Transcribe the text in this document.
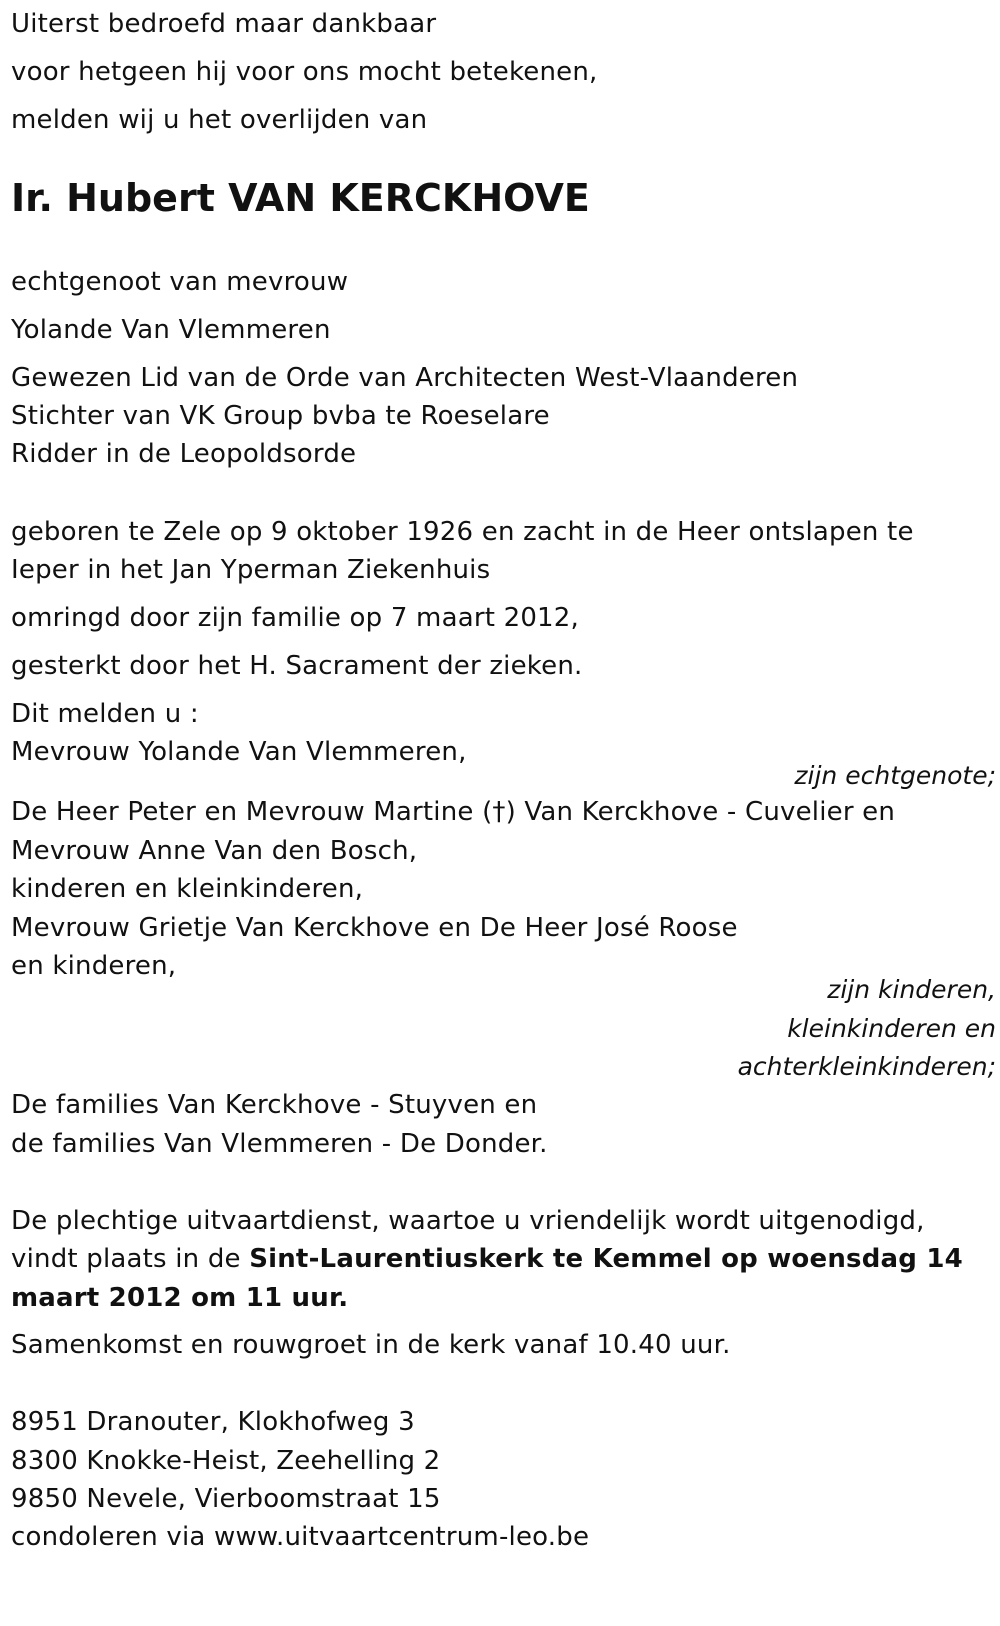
Uiterst bedroefd maar dankbaar
voor hetgeen hij voor ons mocht betekenen,
melden wij u het overlijden van
Ir. Hubert VAN KERCKHOVE
echtgenoot van mevrouw
Yolande Van Vlemmeren
Gewezen Lid van de Orde van Architecten West-Vlaanderen
Stichter van VK Group bvba te Roeselare
Ridder in de Leopoldsorde
geboren te Zele op 9 oktober 1926 en zacht in de Heer ontslapen te
Ieper in het Jan Yperman Ziekenhuis
omringd door zijn familie op 7 maart 2012,
gesterkt door het H. Sacrament der zieken.
Dit melden u :
Mevrouw Yolande Van Vlemmeren,
zijn echtgenote;
De Heer Peter en Mevrouw Martine (†) Van Kerckhove - Cuvelier en
Mevrouw Anne Van den Bosch,
kinderen en kleinkinderen,
Mevrouw Grietje Van Kerckhove en De Heer José Roose
en kinderen,
zijn kinderen,
kleinkinderen en
achterkleinkinderen;
De families Van Kerckhove - Stuyven en
de families Van Vlemmeren - De Donder.
De plechtige uitvaartdienst, waartoe u vriendelijk wordt uitgenodigd,
vindt plaats in de Sint-Laurentiuskerk te Kemmel op woensdag 14
maart 2012 om 11 uur.
Samenkomst en rouwgroet in de kerk vanaf 10.40 uur.
8951 Dranouter, Klokhofweg 3
8300 Knokke-Heist, Zeehelling 2
9850 Nevele, Vierboomstraat 15
condoleren via www.uitvaartcentrum-leo.be
